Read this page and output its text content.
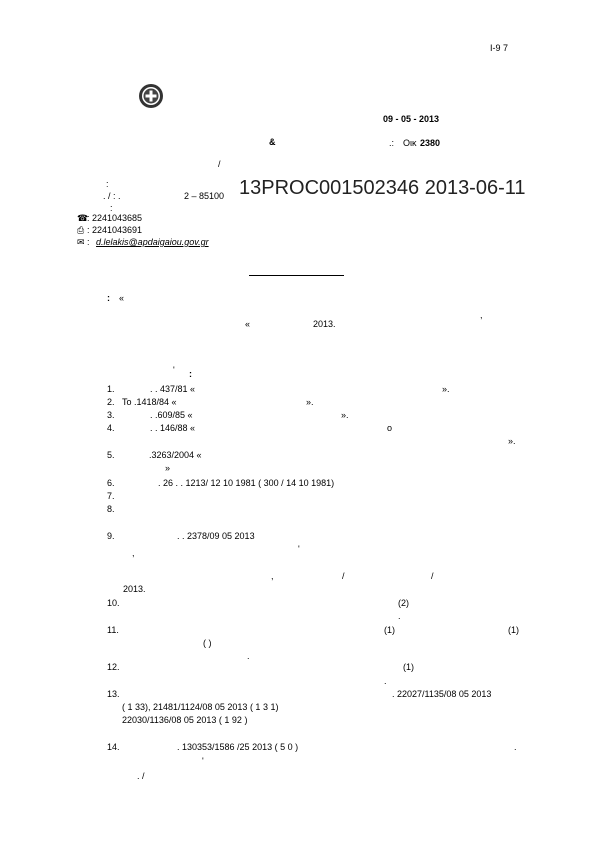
Ι-9 7
09 - 05 - 2013
&	.: Οικ 2380
/
:
. / : .	2 – 85100
:
13PROC001502346 2013-06-11
☎: 2241043685
⎙ : 2241043691
✉ : d.lelakis@apdaigaiou.gov.gr
: «
,
«	2013.
' :
1.	. . 437/81 «	».
2. Το .1418/84 «	».
3.	. .609/85 «	».
4.	. . 146/88 «	ο
».
5.	.3263/2004 «
»
6.	. 26 . . 1213/ 12 10 1981 ( 300 / 14 10 1981)
7.
8.
9.	. . 2378/09 05 2013
,	'
,	/	/
2013.
10.	(2)
.
11.	(1)	(1)
( )
.
12.	(1)
.
13.	. 22027/1135/08 05 2013
( 1 33), 21481/1124/08 05 2013 ( 1 3 1)
22030/1136/08 05 2013 ( 1 92 )
14.	. 130353/1586 /25 2013 ( 5 0 )	.
'
. /
